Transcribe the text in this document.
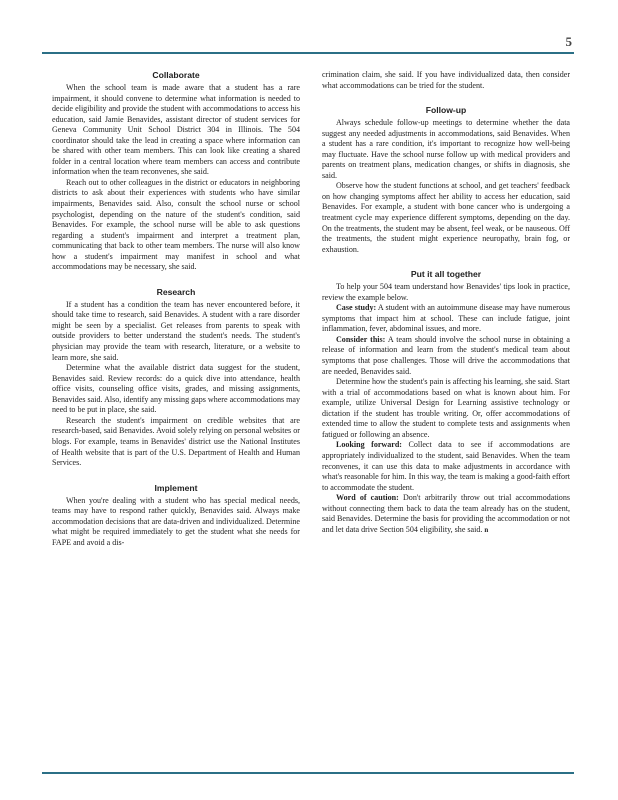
5
Collaborate

When the school team is made aware that a student has a rare impairment, it should convene to determine what information is needed to decide eligibility and provide the student with accommodations to access his education, said Jamie Benavides, assistant director of student services for Geneva Community Unit School District 304 in Illinois. The 504 coordinator should take the lead in creating a space where information can be shared with other team members. This can look like creating a shared folder in a central location where team members can access and contribute information when the team reconvenes, she said.

Reach out to other colleagues in the district or educators in neighboring districts to ask about their experiences with students who have similar impairments, Benavides said. Also, consult the school nurse or school psychologist, depending on the nature of the student's condition, said Benavides. For example, the school nurse will be able to ask questions regarding a student's impairment and interpret a treatment plan, communicating that back to other team members. The nurse will also know how a student's impairment may manifest in school and what accommodations may be necessary, she said.

Research

If a student has a condition the team has never encountered before, it should take time to research, said Benavides. A student with a rare disorder might be seen by a specialist. Get releases from parents to speak with outside providers to better understand the student's needs. The student's physician may provide the team with research, literature, or a website to learn more, she said.

Determine what the available district data suggest for the student, Benavides said. Review records: do a quick dive into attendance, health office visits, counseling office visits, grades, and missing assignments, Benavides said. Also, identify any missing gaps where accommodations may need to be put in place, she said.

Research the student's impairment on credible websites that are research-based, said Benavides. Avoid solely relying on personal websites or blogs. For example, teams in Benavides' district use the National Institutes of Health website that is part of the U.S. Department of Health and Human Services.

Implement

When you're dealing with a student who has special medical needs, teams may have to respond rather quickly, Benavides said. Always make accommodation decisions that are data-driven and individualized. Determine what might be required immediately to get the student what she needs for FAPE and avoid a dis-

crimination claim, she said. If you have individualized data, then consider what accommodations can be tried for the student.

Follow-up

Always schedule follow-up meetings to determine whether the data suggest any needed adjustments in accommodations, said Benavides. When a student has a rare condition, it's important to recognize how well-being may fluctuate. Have the school nurse follow up with medical providers and parents on treatment plans, medication changes, or shifts in diagnosis, she said.

Observe how the student functions at school, and get teachers' feedback on how changing symptoms affect her ability to access her education, said Benavides. For example, a student with bone cancer who is undergoing a treatment cycle may experience different symptoms, depending on the day. On the treatments, the student may be absent, feel weak, or be nauseous. Off the treatments, the student might experience neuropathy, brain fog, or exhaustion.

Put it all together

To help your 504 team understand how Benavides' tips look in practice, review the example below.

Case study: A student with an autoimmune disease may have numerous symptoms that impact him at school. These can include fatigue, joint inflammation, fever, abdominal issues, and more.

Consider this: A team should involve the school nurse in obtaining a release of information and learn from the student's medical team about symptoms that pose challenges. Those will drive the accommodations that are needed, Benavides said.

Determine how the student's pain is affecting his learning, she said. Start with a trial of accommodations based on what is known about him. For example, utilize Universal Design for Learning assistive technology or dictation if the student has trouble writing. Or, offer accommodations of extended time to allow the student to complete tests and assignments when fatigued or following an absence.

Looking forward: Collect data to see if accommodations are appropriately individualized to the student, said Benavides. When the team reconvenes, it can use this data to make adjustments in accordance with what's reasonable for him. In this way, the team is making a good-faith effort to accommodate the student.

Word of caution: Don't arbitrarily throw out trial accommodations without connecting them back to data the team already has on the student, said Benavides. Determine the basis for providing the accommodation or not and let data drive Section 504 eligibility, she said. n
